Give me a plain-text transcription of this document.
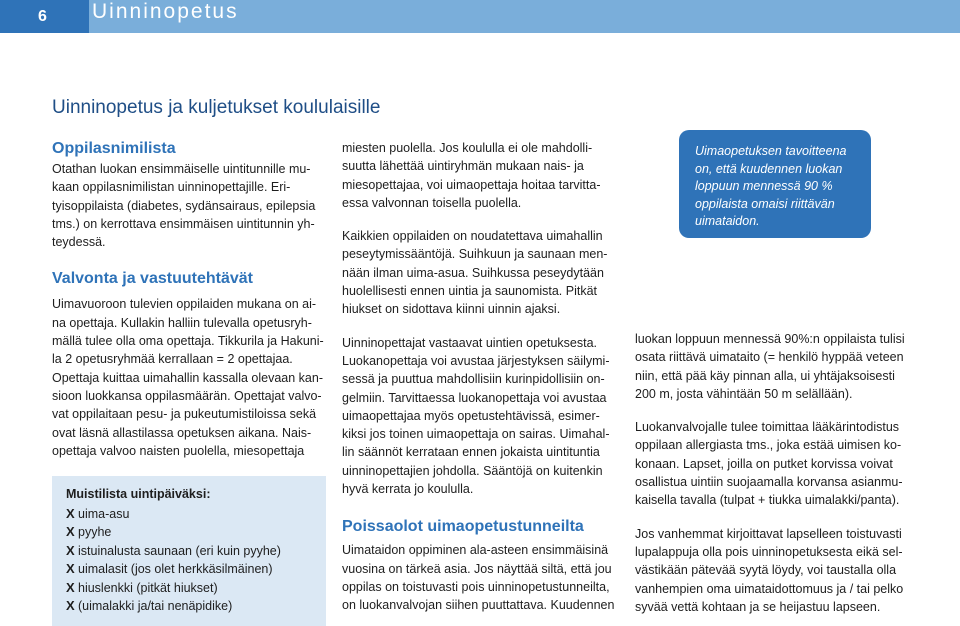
6	Uinninopetus
Uinninopetus ja kuljetukset koululaisille
Oppilasnimilista

Otathan luokan ensimmäiselle uintitunnille mu-
kaan oppilasnimilistan uinninopettajille. Eri-
tyisoppilaista (diabetes, sydänsairaus, epilepsia
tms.) on kerrottava ensimmäisen uintitunnin yh-
teydessä.

Valvonta ja vastuutehtävät

Uimavuoroon tulevien oppilaiden mukana on ai-
na opettaja. Kullakin halliin tulevalla opetusryh-
mällä tulee olla oma opettaja. Tikkurila ja Hakuni-
la 2 opetusryhmää kerrallaan = 2 opettajaa.
Opettaja kuittaa uimahallin kassalla olevaan kan-
sioon luokkansa oppilasmäärän. Opettajat valvo-
vat oppilaitaan pesu- ja pukeutumistiloissa sekä
ovat läsnä allastilassa opetuksen aikana. Nais-
opettaja valvoo naisten puolella, miesopettaja

Muistilista uintipäiväksi:
X uima-asu
X pyyhe
X istuinalusta saunaan (eri kuin pyyhe)
X uimalasit (jos olet herkkäsilmäinen)
X hiuslenkki (pitkät hiukset)
X (uimalakki ja/tai nenäpidike)

miesten puolella. Jos koululla ei ole mahdolli-
suutta lähettää uintiryhmän mukaan nais- ja
miesopettajaa, voi uimaopettaja hoitaa tarvitta-
essa valvonnan toisella puolella.

Kaikkien oppilaiden on noudatettava uimahallin
peseytymissääntöjä. Suihkuun ja saunaan men-
nään ilman uima-asua. Suihkussa peseydytään
huolellisesti ennen uintia ja saunomista. Pitkät
hiukset on sidottava kiinni uinnin ajaksi.

Uinninopettajat vastaavat uintien opetuksesta.
Luokanopettaja voi avustaa järjestyksen säilymi-
sessä ja puuttua mahdollisiin kurinpidollisiin on-
gelmiin. Tarvittaessa luokanopettaja voi avustaa
uimaopettajaa myös opetustehtävissä, esimer-
kiksi jos toinen uimaopettaja on sairas. Uimahal-
lin säännöt kerrataan ennen jokaista uintituntia
uinninopettajien johdolla. Sääntöjä on kuitenkin
hyvä kerrata jo koululla.

Poissaolot uimaopetustunneilta

Uimataidon oppiminen ala-asteen ensimmäisinä
vuosina on tärkeä asia. Jos näyttää siltä, että jou
oppilas on toistuvasti pois uinninopetustunneilta,
on luokanvalvojan siihen puuttattava. Kuudennen

Uimaopetuksen tavoitteena
on, että kuudennen luokan
loppuun mennessä 90 %
oppilaista omaisi riittävän
uimataidon.

luokan loppuun mennessä 90%:n oppilaista tulisi
osata riittävä uimataito (= henkilö hyppää veteen
niin, että pää käy pinnan alla, ui yhtäjaksoisesti
200 m, josta vähintään 50 m selällään).

Luokanvalvojalle tulee toimittaa lääkärintodistus
oppilaan allergiasta tms., joka estää uimisen ko-
konaan. Lapset, joilla on putket korvissa voivat
osallistua uintiin suojaamalla korvansa asianmu-
kaisella tavalla (tulpat + tiukka uimalakki/panta).

Jos vanhemmat kirjoittavat lapselleen toistuvasti
lupalappuja olla pois uinninopetuksesta eikä sel-
västikään pätevää syytä löydy, voi taustalla olla
vanhempien oma uimataidottomuus ja / tai pelko
syvää vettä kohtaan ja se heijastuu lapseen.
